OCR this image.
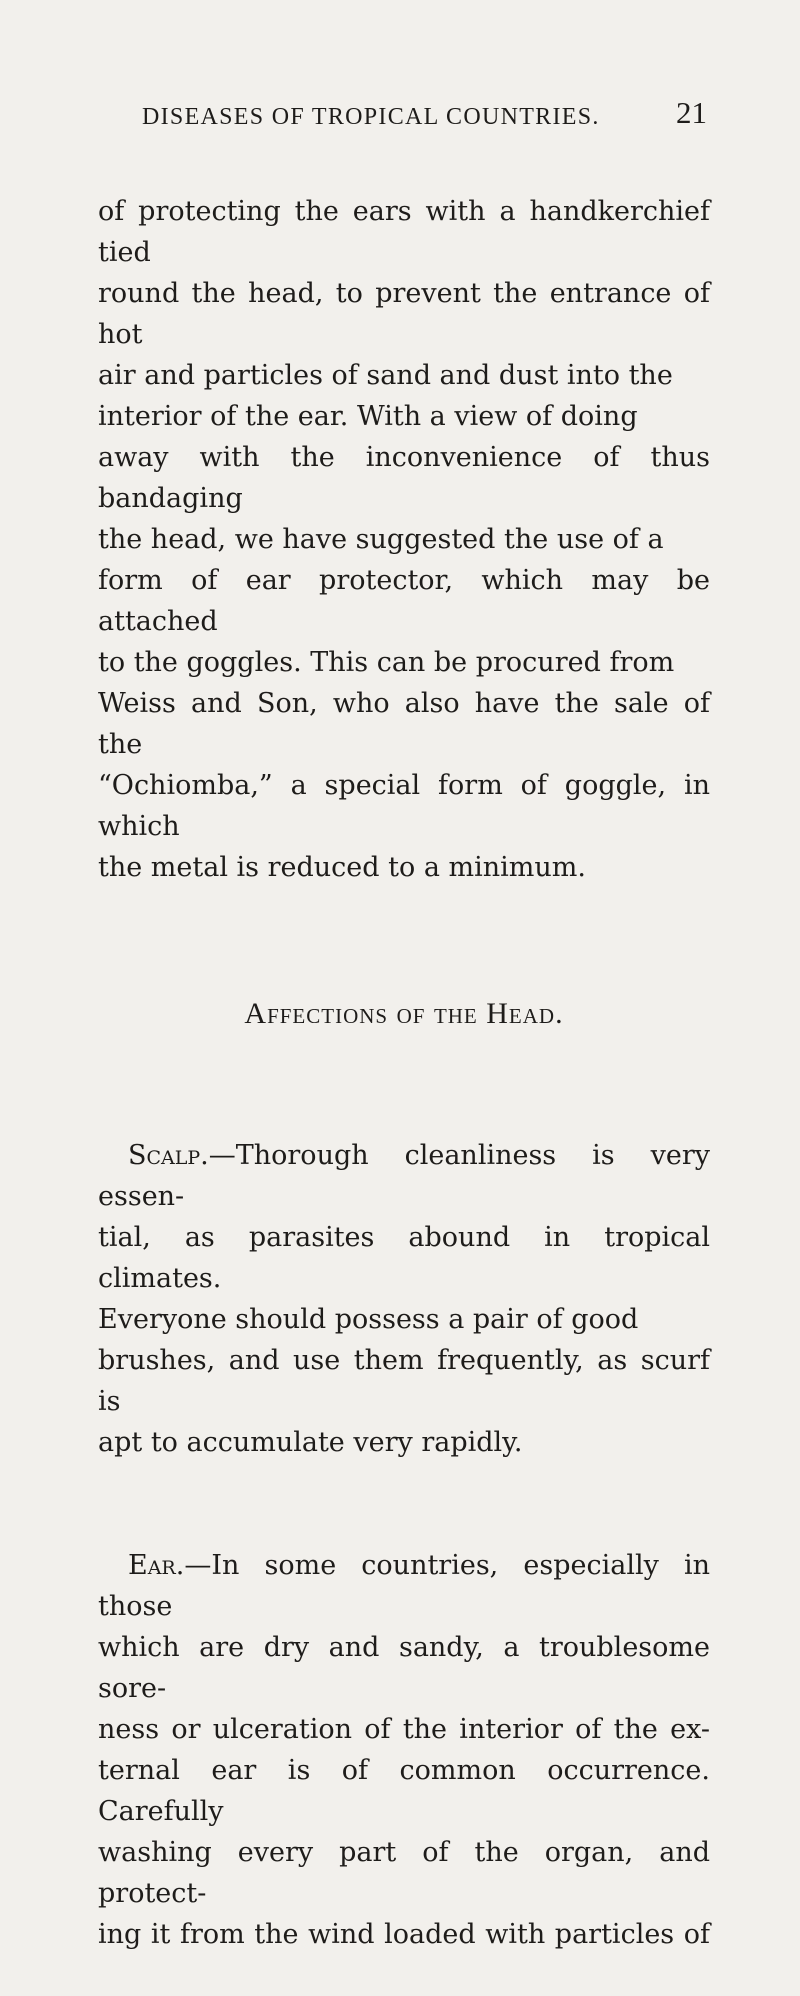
DISEASES OF TROPICAL COUNTRIES.	21

of protecting the ears with a handkerchief tied
round the head, to prevent the entrance of hot
air and particles of sand and dust into the
interior of the ear. With a view of doing
away with the inconvenience of thus bandaging
the head, we have suggested the use of a
form of ear protector, which may be attached
to the goggles. This can be procured from
Weiss and Son, who also have the sale of the
“Ochiomba,” a special form of goggle, in which
the metal is reduced to a minimum.

Affections of the Head.

Scalp.—Thorough cleanliness is very essen-
tial, as parasites abound in tropical climates.
Everyone should possess a pair of good
brushes, and use them frequently, as scurf is
apt to accumulate very rapidly.

Ear.—In some countries, especially in those
which are dry and sandy, a troublesome sore-
ness or ulceration of the interior of the ex-
ternal ear is of common occurrence. Carefully
washing every part of the organ, and protect-
ing it from the wind loaded with particles of
